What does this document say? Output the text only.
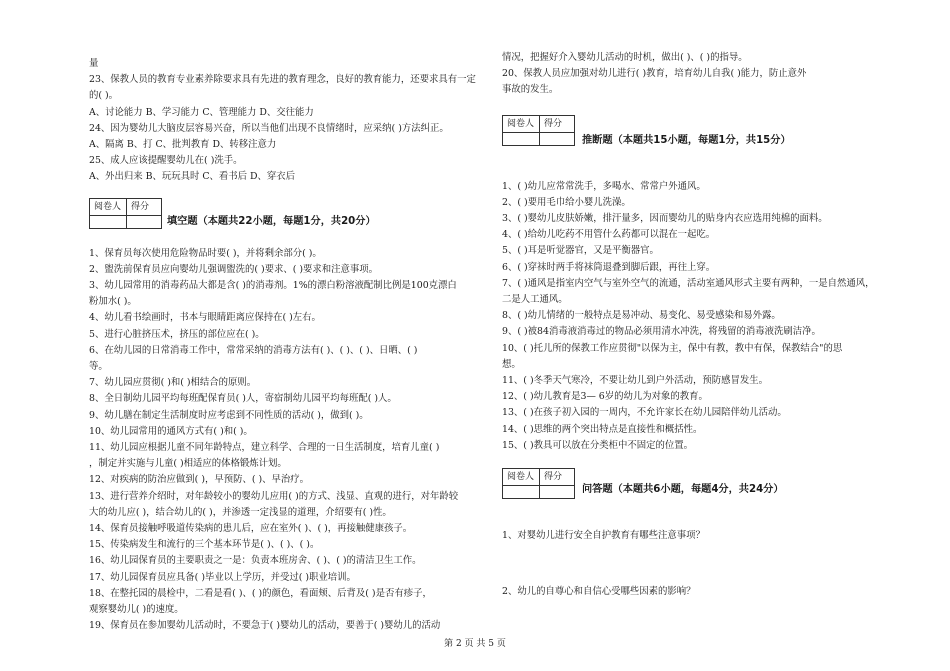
量
23、保教人员的教育专业素养除要求具有先进的教育理念，良好的教育能力，还要求具有一定
的( )。
A、讨论能力 B、学习能力 C、管理能力 D、交往能力
24、因为婴幼儿大脑皮层容易兴奋，所以当他们出现不良情绪时，应采纳( )方法纠正。
A、隔离 B、打 C、批判教育 D、转移注意力
25、成人应该提醒婴幼儿在( )洗手。
A、外出归来 B、玩玩具时 C、看书后 D、穿衣后
阅卷人	得分

填空题（本题共22小题，每题1分，共20分）
1、保育员每次使用危险物品时要( )，并将剩余部分( )。
2、盥洗前保育员应向婴幼儿强调盥洗的( )要求、( )要求和注意事项。
3、幼儿园常用的消毒药品大都是含( )的消毒剂。1%的漂白粉溶液配制比例是100克漂白
粉加水( )。
4、幼儿看书绘画时，书本与眼睛距离应保持在( )左右。
5、进行心脏挤压术，挤压的部位应在( )。
6、在幼儿园的日常消毒工作中，常常采纳的消毒方法有( )、( )、( )、日晒、( )
等。
7、幼儿园应贯彻( )和( )相结合的原则。
8、全日制幼儿园平均每班配保育员( )人，寄宿制幼儿园平均每班配( )人。
9、幼儿膳在制定生活制度时应考虑到不同性质的活动( )，做到( )。
10、幼儿园常用的通风方式有( )和( )。
11、幼儿园应根据儿童不同年龄特点，建立科学、合理的一日生活制度，培育儿童( )
，制定并实施与儿童( )相适应的体格锻炼计划。
12、对疾病的防治应做到( )，早预防、( )、早治疗。
13、进行营养介绍时，对年龄较小的婴幼儿应用( )的方式、浅显、直观的进行，对年龄较
大的幼儿应( )，结合幼儿的( )，并渗透一定浅显的道理，介绍要有( )性。
14、保育员接触呼吸道传染病的患儿后，应在室外( )、( )，再接触健康孩子。
15、传染病发生和流行的三个基本环节是( )、( )、( )。
16、幼儿园保育员的主要职责之一是：负责本班房舍、( )、( )的清洁卫生工作。
17、幼儿园保育员应具备( )毕业以上学历，并受过( )职业培训。
18、在整托园的晨检中，二看是看( )、( )的颜色，看面颊、后背及( )是否有疹子，
观察婴幼儿( )的速度。
19、保育员在参加婴幼儿活动时，不要急于( )婴幼儿的活动，要善于( )婴幼儿的活动
情况，把握好介入婴幼儿活动的时机，做出( )、( )的指导。
20、保教人员应加强对幼儿进行( )教育，培育幼儿自我( )能力，防止意外
事故的发生。
阅卷人	得分

推断题（本题共15小题，每题1分，共15分）
1、( )幼儿应常常洗手，多喝水、常常户外通风。
2、( )要用毛巾给小婴儿洗澡。
3、( )婴幼儿皮肤娇嫩，排汗量多，因而婴幼儿的贴身内衣应选用纯棉的面料。
4、( )给幼儿吃药不用管什么药都可以混在一起吃。
5、( )耳是听觉器官，又是平衡器官。
6、( )穿袜时两手将袜筒退叠到脚后跟，再往上穿。
7、( )通风是指室内空气与室外空气的流通，活动室通风形式主要有两种，一是自然通风，
二是人工通风。
8、( )幼儿情绪的一般特点是易冲动、易变化、易受感染和易外露。
9、( )被84消毒液消毒过的物品必须用清水冲洗，将残留的消毒液洗刷洁净。
10、( )托儿所的保教工作应贯彻"以保为主，保中有教，教中有保，保教结合"的思
想。
11、( )冬季天气寒冷，不要让幼儿到户外活动，预防感冒发生。
12、( )幼儿教育是3— 6岁的幼儿为对象的教育。
13、( )在孩子初入园的一周内，不允许家长在幼儿园陪伴幼儿活动。
14、( )思维的两个突出特点是直接性和概括性。
15、( )教具可以放在分类柜中不固定的位置。
阅卷人	得分

问答题（本题共6小题，每题4分，共24分）
1、对婴幼儿进行安全自护教育有哪些注意事项？
2、幼儿的自尊心和自信心受哪些因素的影响？
第 2 页 共 5 页
